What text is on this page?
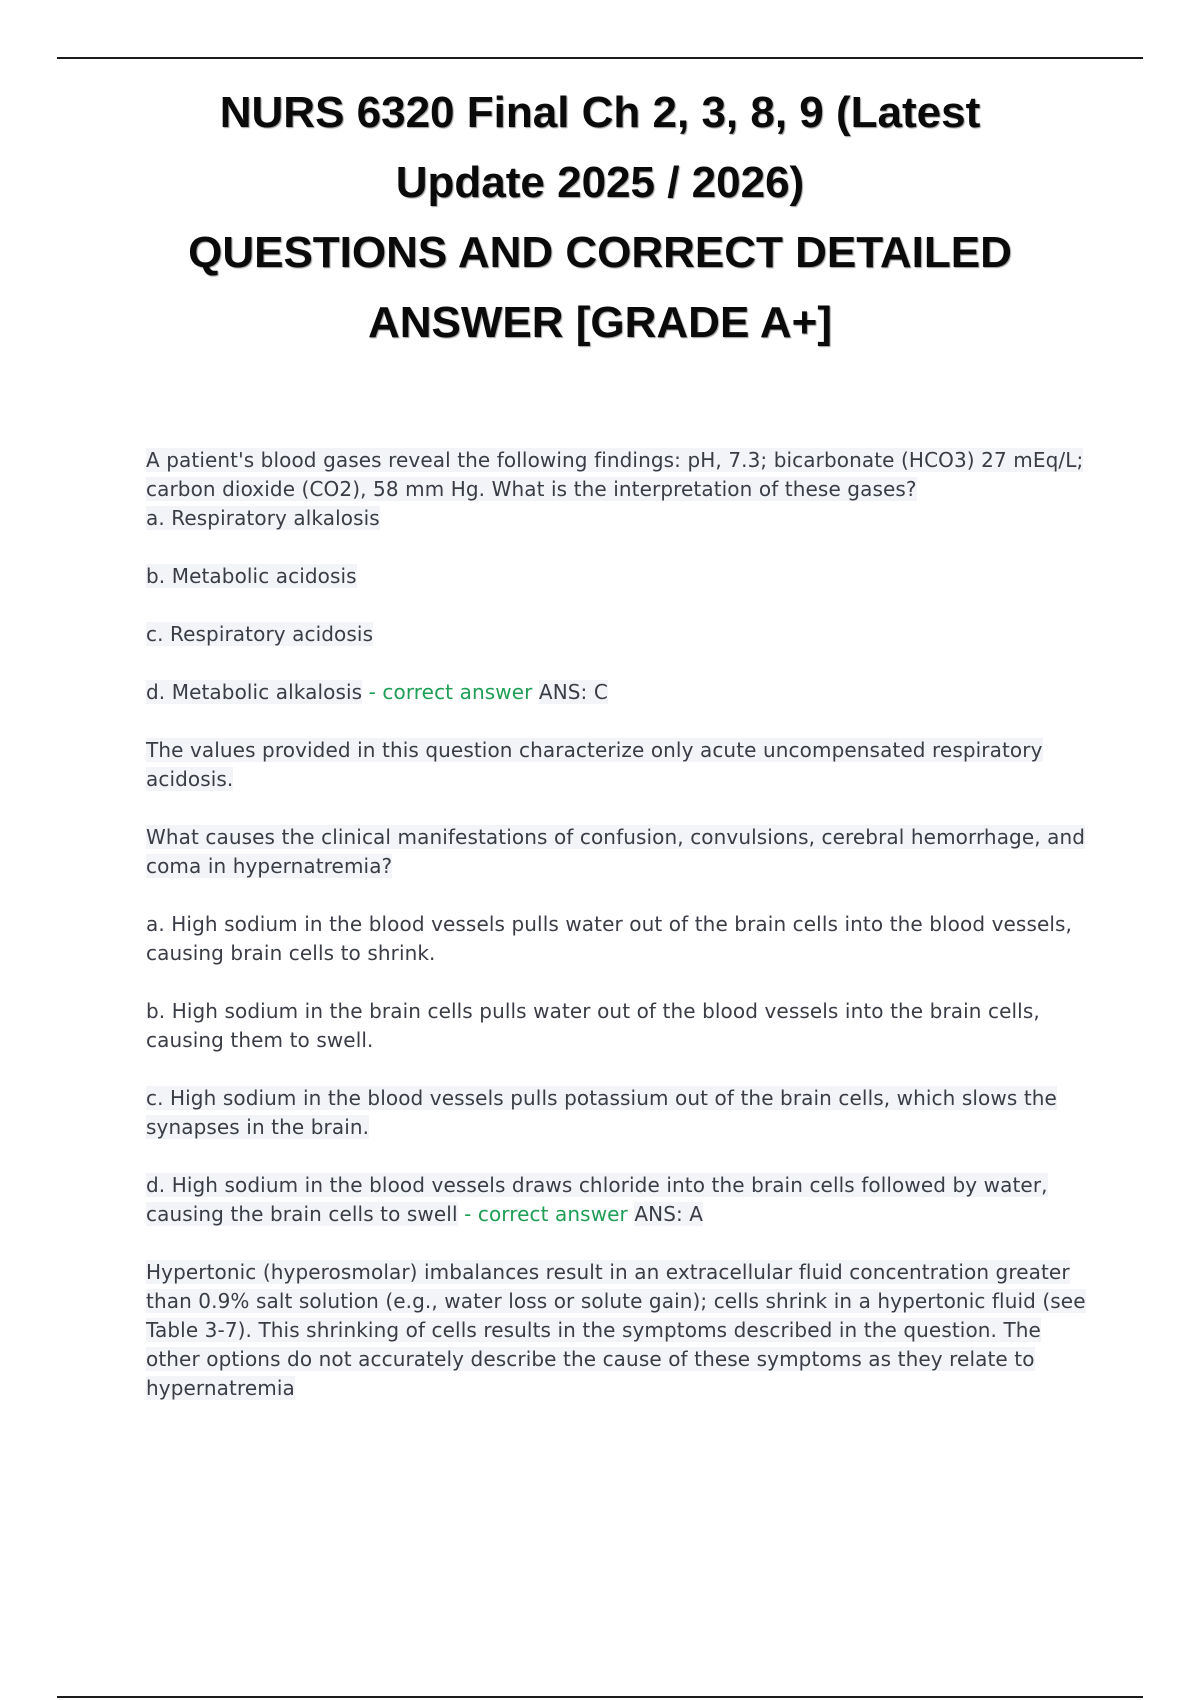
NURS 6320 Final Ch 2, 3, 8, 9 (Latest
Update 2025 / 2026)
QUESTIONS AND CORRECT DETAILED
ANSWER [GRADE A+]

A patient's blood gases reveal the following findings: pH, 7.3; bicarbonate (HCO3) 27 mEq/L; carbon dioxide (CO2), 58 mm Hg. What is the interpretation of these gases?
a. Respiratory alkalosis

b. Metabolic acidosis

c. Respiratory acidosis

d. Metabolic alkalosis - correct answer ANS: C

The values provided in this question characterize only acute uncompensated respiratory acidosis.

What causes the clinical manifestations of confusion, convulsions, cerebral hemorrhage, and coma in hypernatremia?

a. High sodium in the blood vessels pulls water out of the brain cells into the blood vessels, causing brain cells to shrink.

b. High sodium in the brain cells pulls water out of the blood vessels into the brain cells, causing them to swell.

c. High sodium in the blood vessels pulls potassium out of the brain cells, which slows the synapses in the brain.

d. High sodium in the blood vessels draws chloride into the brain cells followed by water, causing the brain cells to swell - correct answer ANS: A

Hypertonic (hyperosmolar) imbalances result in an extracellular fluid concentration greater than 0.9% salt solution (e.g., water loss or solute gain); cells shrink in a hypertonic fluid (see Table 3-7). This shrinking of cells results in the symptoms described in the question. The other options do not accurately describe the cause of these symptoms as they relate to hypernatremia
